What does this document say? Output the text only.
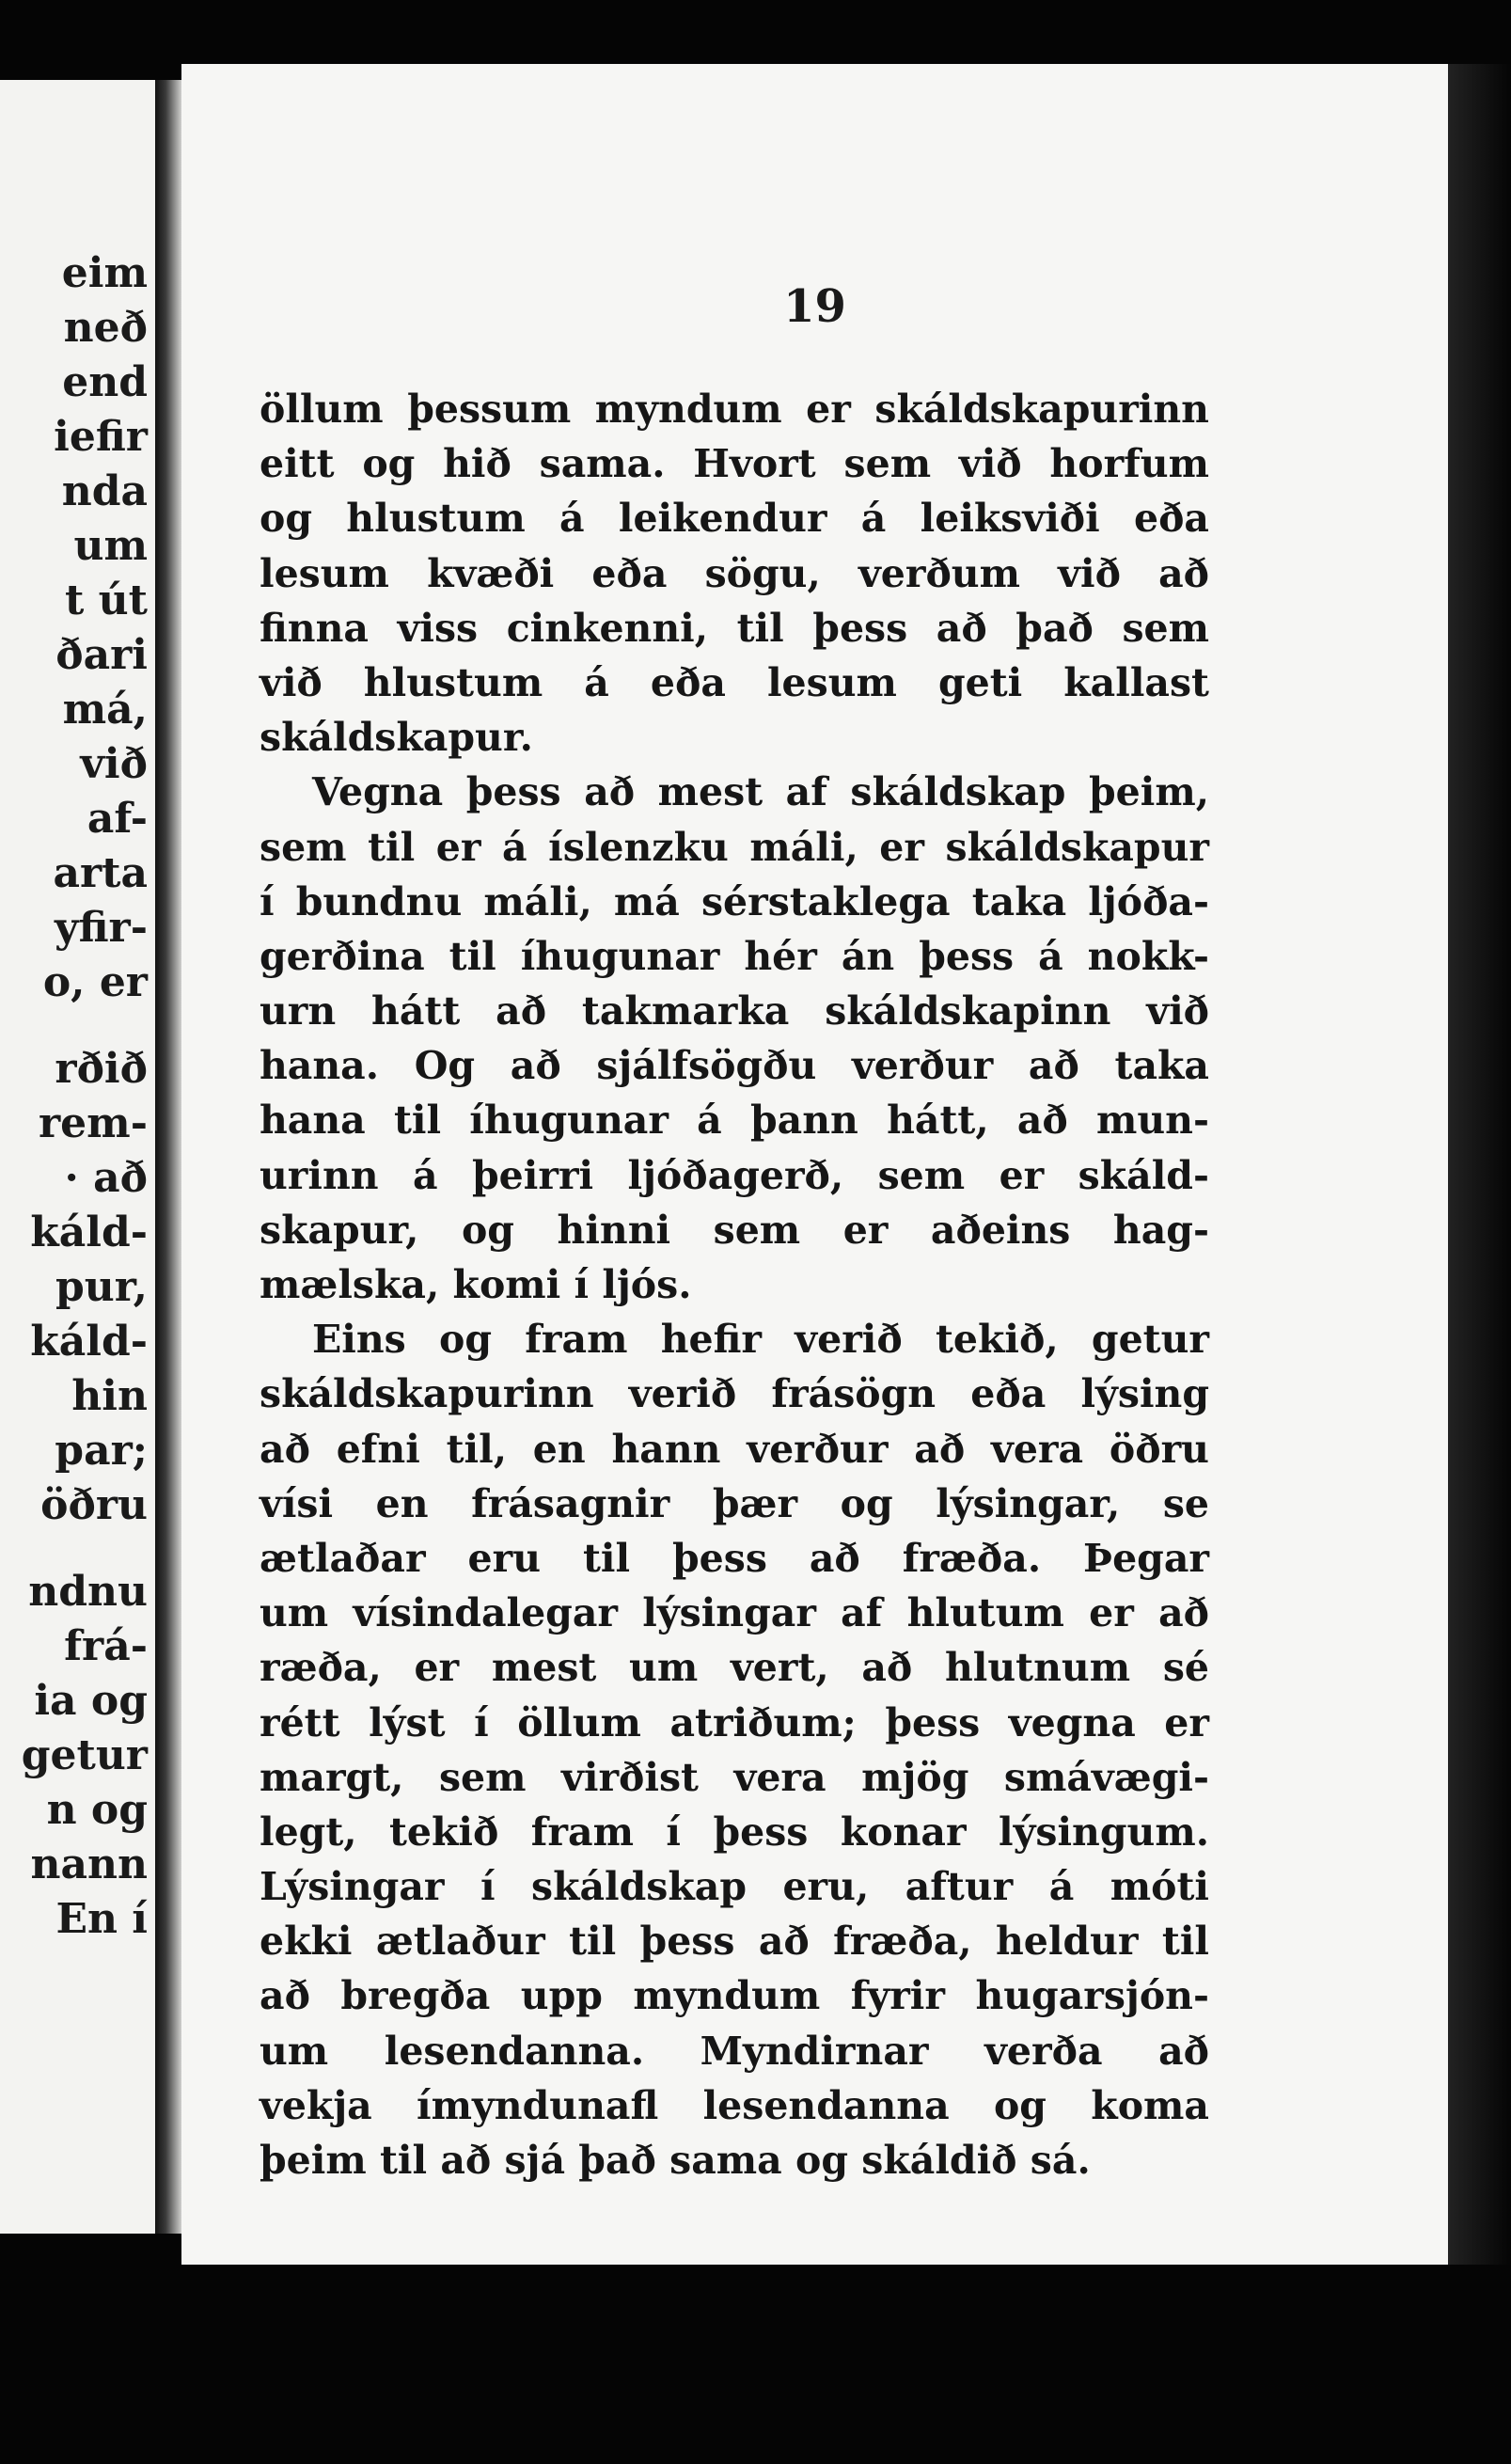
eim
neð
end
iefir
nda
um
t út
ðari
má,
við
af-
arta
yfir-
o, er
rðið
rem-
· að
káld-
pur,
káld-
hin
par;
öðru
ndnu
frá-
ia og
getur
n og
nann
En í
19
öllum þessum myndum er skáldskapurinn
eitt og hið sama. Hvort sem við horfum
og hlustum á leikendur á leiksviði eða
lesum kvæði eða sögu, verðum við að
finna viss cinkenni, til þess að það sem
við hlustum á eða lesum geti kallast
skáldskapur.
Vegna þess að mest af skáldskap þeim,
sem til er á íslenzku máli, er skáldskapur
í bundnu máli, má sérstaklega taka ljóða-
gerðina til íhugunar hér án þess á nokk-
urn hátt að takmarka skáldskapinn við
hana. Og að sjálfsögðu verður að taka
hana til íhugunar á þann hátt, að mun-
urinn á þeirri ljóðagerð, sem er skáld-
skapur, og hinni sem er aðeins hag-
mælska, komi í ljós.
Eins og fram hefir verið tekið, getur
skáldskapurinn verið frásögn eða lýsing
að efni til, en hann verður að vera öðru
vísi en frásagnir þær og lýsingar, se
ætlaðar eru til þess að fræða. Þegar
um vísindalegar lýsingar af hlutum er að
ræða, er mest um vert, að hlutnum sé
rétt lýst í öllum atriðum; þess vegna er
margt, sem virðist vera mjög smávægi-
legt, tekið fram í þess konar lýsingum.
Lýsingar í skáldskap eru, aftur á móti
ekki ætlaður til þess að fræða, heldur til
að bregða upp myndum fyrir hugarsjón-
um lesendanna. Myndirnar verða að
vekja ímyndunafl lesendanna og koma
þeim til að sjá það sama og skáldið sá.
